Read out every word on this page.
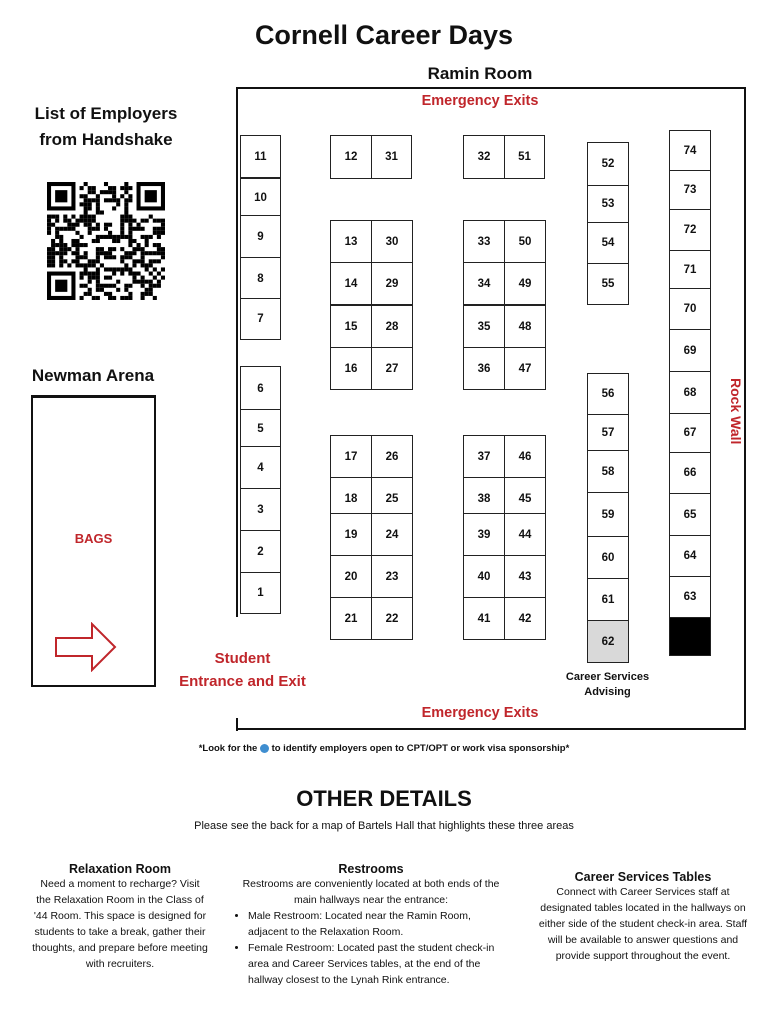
Cornell Career Days
Ramin Room
List of Employers
from Handshake
Newman Arena
BAGS
Emergency Exits
Emergency Exits
Student
Entrance and Exit
Rock Wall
Career Services
Advising
11
10
9
8
7
6
5
4
3
2
1
12	31
13	30
14	29
15	28
16	27
17	26
18	25
19	24
20	23
21	22
32	51
33	50
34	49
35	48
36	47
37	46
38	45
39	44
40	43
41	42
52
53
54
55
56
57
58
59
60
61
62
74
73
72
71
70
69
68
67
66
65
64
63
*Look for the to identify employers open to CPT/OPT or work visa sponsorship*
OTHER DETAILS
Please see the back for a map of Bartels Hall that highlights these three areas
Relaxation Room
Need a moment to recharge? Visit the Relaxation Room in the Class of '44 Room. This space is designed for students to take a break, gather their thoughts, and prepare before meeting with recruiters.
Restrooms
Restrooms are conveniently located at both ends of the main hallways near the entrance:
• Male Restroom: Located near the Ramin Room, adjacent to the Relaxation Room.
• Female Restroom: Located past the student check-in area and Career Services tables, at the end of the hallway closest to the Lynah Rink entrance.
Career Services Tables
Connect with Career Services staff at designated tables located in the hallways on either side of the student check-in area. Staff will be available to answer questions and provide support throughout the event.
